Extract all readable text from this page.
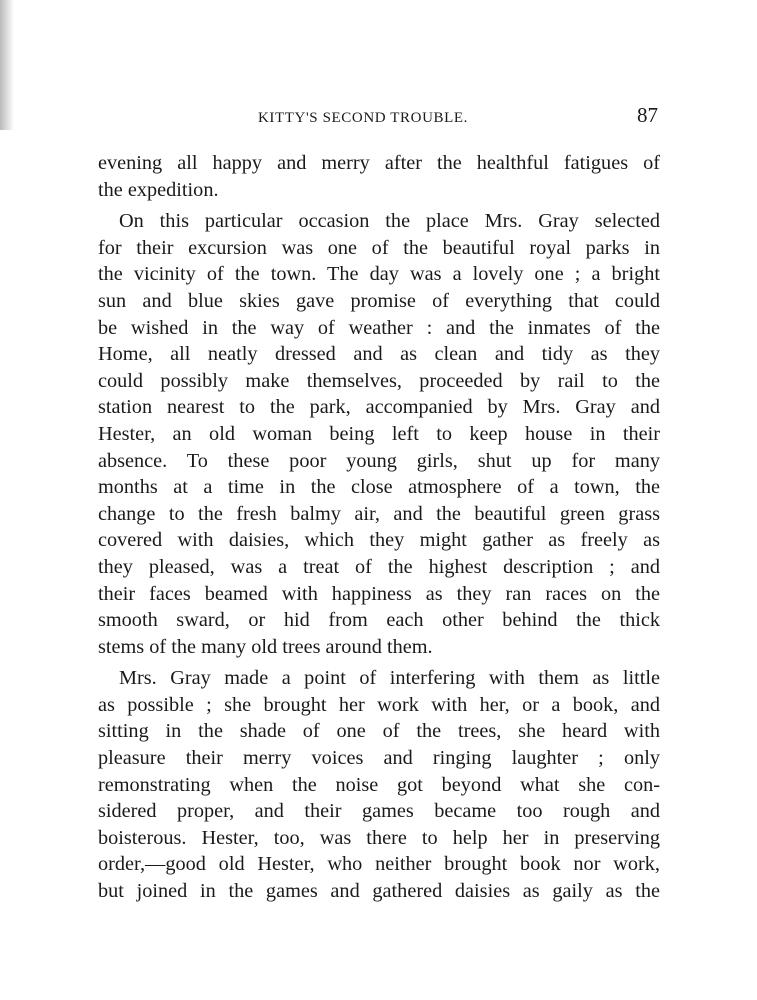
KITTY'S SECOND TROUBLE.	87
evening all happy and merry after the healthful fatigues of
the expedition.
On this particular occasion the place Mrs. Gray selected
for their excursion was one of the beautiful royal parks in
the vicinity of the town. The day was a lovely one ; a bright
sun and blue skies gave promise of everything that could
be wished in the way of weather : and the inmates of the
Home, all neatly dressed and as clean and tidy as they
could possibly make themselves, proceeded by rail to the
station nearest to the park, accompanied by Mrs. Gray and
Hester, an old woman being left to keep house in their
absence. To these poor young girls, shut up for many
months at a time in the close atmosphere of a town, the
change to the fresh balmy air, and the beautiful green grass
covered with daisies, which they might gather as freely as
they pleased, was a treat of the highest description ; and
their faces beamed with happiness as they ran races on the
smooth sward, or hid from each other behind the thick
stems of the many old trees around them.
Mrs. Gray made a point of interfering with them as little
as possible ; she brought her work with her, or a book, and
sitting in the shade of one of the trees, she heard with
pleasure their merry voices and ringing laughter ; only
remonstrating when the noise got beyond what she con-
sidered proper, and their games became too rough and
boisterous. Hester, too, was there to help her in preserving
order,—good old Hester, who neither brought book nor work,
but joined in the games and gathered daisies as gaily as the
